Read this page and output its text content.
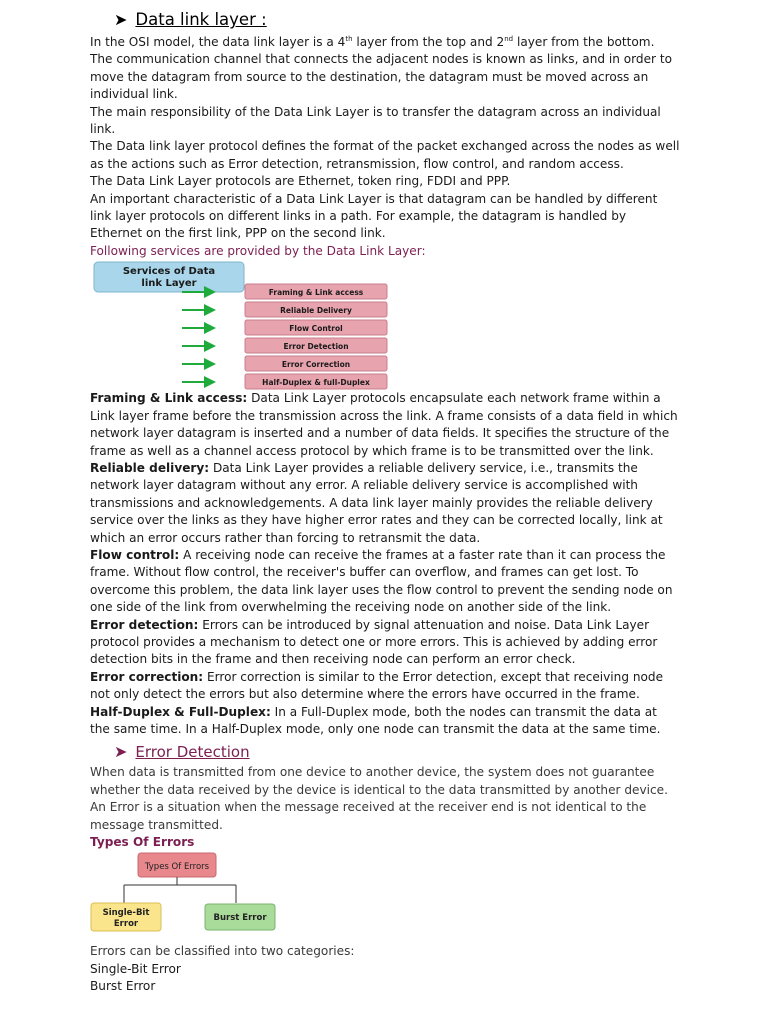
➤ Data link layer :

In the OSI model, the data link layer is a 4th layer from the top and 2nd layer from the bottom.

The communication channel that connects the adjacent nodes is known as links, and in order to move the datagram from source to the destination, the datagram must be moved across an individual link.

The main responsibility of the Data Link Layer is to transfer the datagram across an individual link.

The Data link layer protocol defines the format of the packet exchanged across the nodes as well as the actions such as Error detection, retransmission, flow control, and random access.

The Data Link Layer protocols are Ethernet, token ring, FDDI and PPP.

An important characteristic of a Data Link Layer is that datagram can be handled by different link layer protocols on different links in a path. For example, the datagram is handled by Ethernet on the first link, PPP on the second link.

Following services are provided by the Data Link Layer:

Services of Data
link Layer
Framing & Link access
Reliable Delivery
Flow Control
Error Detection
Error Correction
Half-Duplex & full-Duplex

Framing & Link access: Data Link Layer protocols encapsulate each network frame within a Link layer frame before the transmission across the link. A frame consists of a data field in which network layer datagram is inserted and a number of data fields. It specifies the structure of the frame as well as a channel access protocol by which frame is to be transmitted over the link.

Reliable delivery: Data Link Layer provides a reliable delivery service, i.e., transmits the network layer datagram without any error. A reliable delivery service is accomplished with transmissions and acknowledgements. A data link layer mainly provides the reliable delivery service over the links as they have higher error rates and they can be corrected locally, link at which an error occurs rather than forcing to retransmit the data.

Flow control: A receiving node can receive the frames at a faster rate than it can process the frame. Without flow control, the receiver's buffer can overflow, and frames can get lost. To overcome this problem, the data link layer uses the flow control to prevent the sending node on one side of the link from overwhelming the receiving node on another side of the link.

Error detection: Errors can be introduced by signal attenuation and noise. Data Link Layer protocol provides a mechanism to detect one or more errors. This is achieved by adding error detection bits in the frame and then receiving node can perform an error check.

Error correction: Error correction is similar to the Error detection, except that receiving node not only detect the errors but also determine where the errors have occurred in the frame.

Half-Duplex & Full-Duplex: In a Full-Duplex mode, both the nodes can transmit the data at the same time. In a Half-Duplex mode, only one node can transmit the data at the same time.

➤ Error Detection

When data is transmitted from one device to another device, the system does not guarantee whether the data received by the device is identical to the data transmitted by another device. An Error is a situation when the message received at the receiver end is not identical to the message transmitted.

Types Of Errors

Types Of Errors
Single-Bit
Error
Burst Error

Errors can be classified into two categories:

Single-Bit Error

Burst Error
